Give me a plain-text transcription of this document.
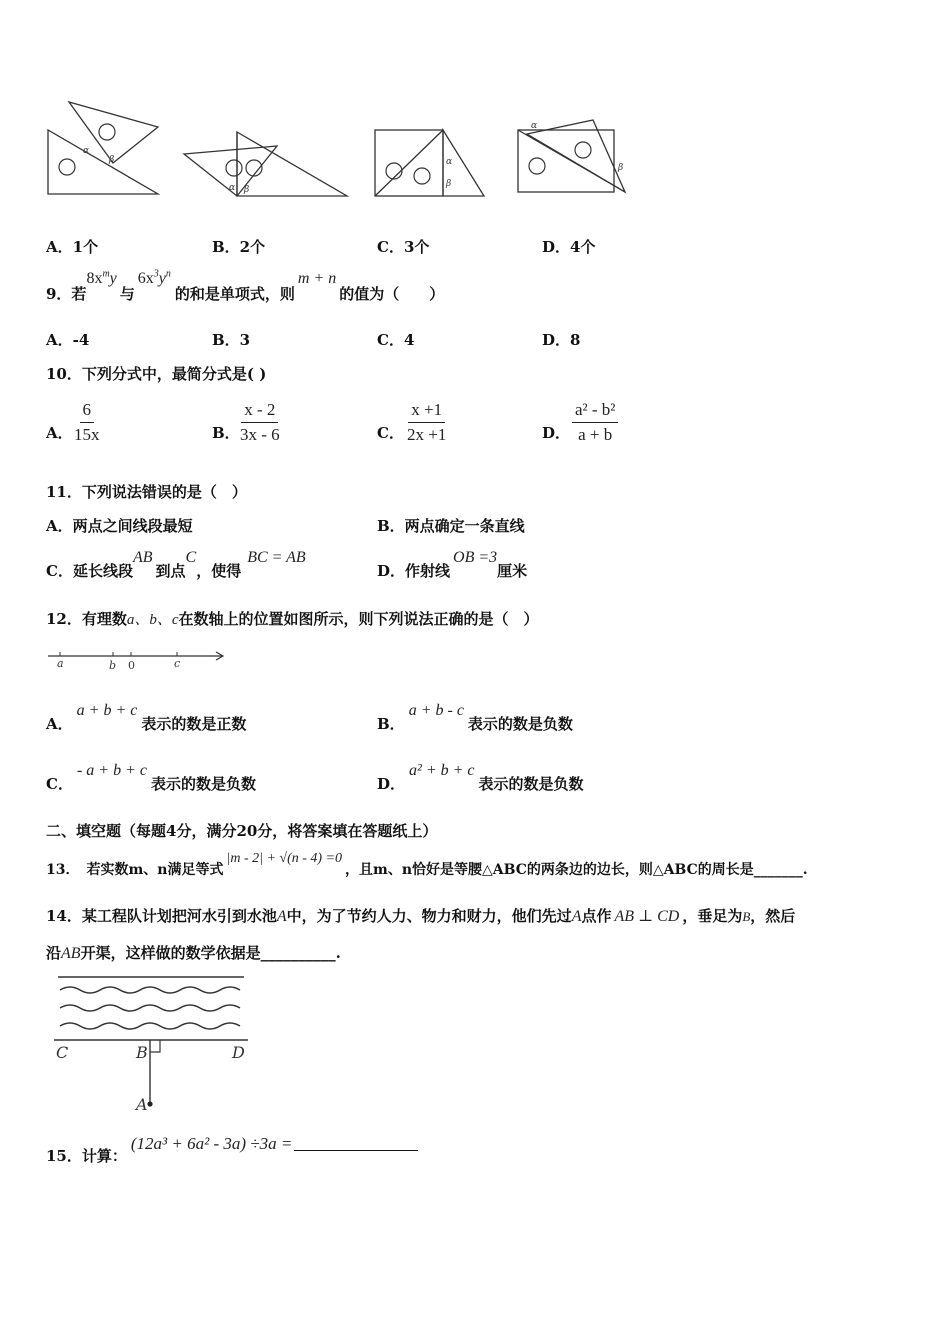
α
β
α β
α
β
α
β
A．1个	B．2个	C．3个	D．4个
9．若$8x^my$与$6x^3y^n$的和是单项式，则m + n的值为（　　）
A．-4	B．3	C．4	D．8
10．下列分式中，最简分式是( )
A． $\frac{6}{15x}$	B． $\frac{x - 2}{3x - 6}$	C． $\frac{x +1}{2x +1}$	D． $\frac{\text{a² - b²}}{a + b}$
11．下列说法错误的是（　）
A．两点之间线段最短	B．两点确定一条直线
C．延长线段AB到点C，使得BC = AB
D．作射线OB =3厘米
12．有理数a、b、c在数轴上的位置如图所示，则下列说法正确的是（　）
a	b 0	c
A．a + b + c表示的数是正数	B．a + b - c表示的数是负数
C．- a + b + c表示的数是负数	D．a² + b + c表示的数是负数
二、填空题（每题4分，满分20分，将答案填在答题纸上）
13．　若实数m、n满足等式|m - 2| + √(n - 4) =0，且m、n恰好是等腰△ABC的两条边的边长，则△ABC的周长是_______.
14．某工程队计划把河水引到水池A中，为了节约人力、物力和财力，他们先过A点作 AB ⊥ CD ，垂足为B，然后
沿AB开渠，这样做的数学依据是__________.
C	B	D
A
15．计算：(12a³ + 6a² - 3a) ÷3a =
